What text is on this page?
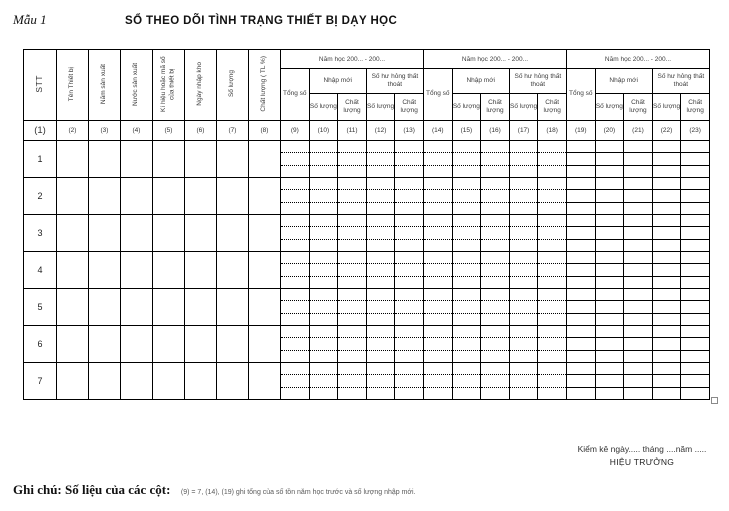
Mẫu 1	SỔ THEO DÕI TÌNH TRẠNG THIẾT BỊ DẠY HỌC
STT	Tên Thiết bị	Năm sản xuất	Nước sản xuất	Kí hiệu hoặc mã số của thiết bị	Ngày nhập kho	Số lượng	Chất lượng ( TL %)	Năm học 200... - 200...					Năm học 200... - 200...					Năm học 200... - 200...				
								Tổng số	Nhập mới		Số hư hỏng thất thoát		Tổng số	Nhập mới		Số hư hỏng thất thoát		Tổng số	Nhập mới		Số hư hỏng thất thoát	
									Số lượng	Chất lượng	Số lượng	Chất lượng		Số lượng	Chất lượng	Số lượng	Chất lượng		Số lượng	Chất lượng	Số lượng	Chất lượng
(1)	(2)	(3)	(4)	(5)	(6)	(7)	(8)	(9)	(10)	(11)	(12)	(13)	(14)	(15)	(16)	(17)	(18)	(19)	(20)	(21)	(22)	(23)
1								

2								

3								

4								

5								

6								

7								

Kiểm kê ngày..... tháng ....năm .....
HIỆU TRƯỞNG
Ghi chú: Số liệu của các cột: (9) = 7, (14), (19) ghi tổng của số tồn năm học trước và số lượng nhập mới.
